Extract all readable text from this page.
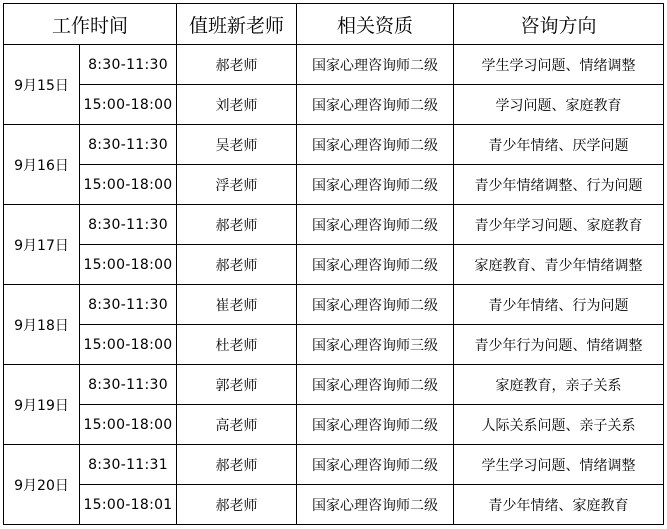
工作时间		值班新老师	相关资质	咨询方向
9月15日	8:30-11:30	郝老师	国家心理咨询师二级	学生学习问题、情绪调整
	15:00-18:00	刘老师	国家心理咨询师二级	学习问题、家庭教育
9月16日	8:30-11:30	吴老师	国家心理咨询师二级	青少年情绪、厌学问题
	15:00-18:00	浮老师	国家心理咨询师二级	青少年情绪调整、行为问题
9月17日	8:30-11:30	郝老师	国家心理咨询师二级	青少年学习问题、家庭教育
	15:00-18:00	郝老师	国家心理咨询师二级	家庭教育、青少年情绪调整
9月18日	8:30-11:30	崔老师	国家心理咨询师二级	青少年情绪、行为问题
	15:00-18:00	杜老师	国家心理咨询师三级	青少年行为问题、情绪调整
9月19日	8:30-11:30	郭老师	国家心理咨询师二级	家庭教育，亲子关系
	15:00-18:00	高老师	国家心理咨询师二级	人际关系问题、亲子关系
9月20日	8:30-11:31	郝老师	国家心理咨询师二级	学生学习问题、情绪调整
	15:00-18:01	郝老师	国家心理咨询师二级	青少年情绪、家庭教育
